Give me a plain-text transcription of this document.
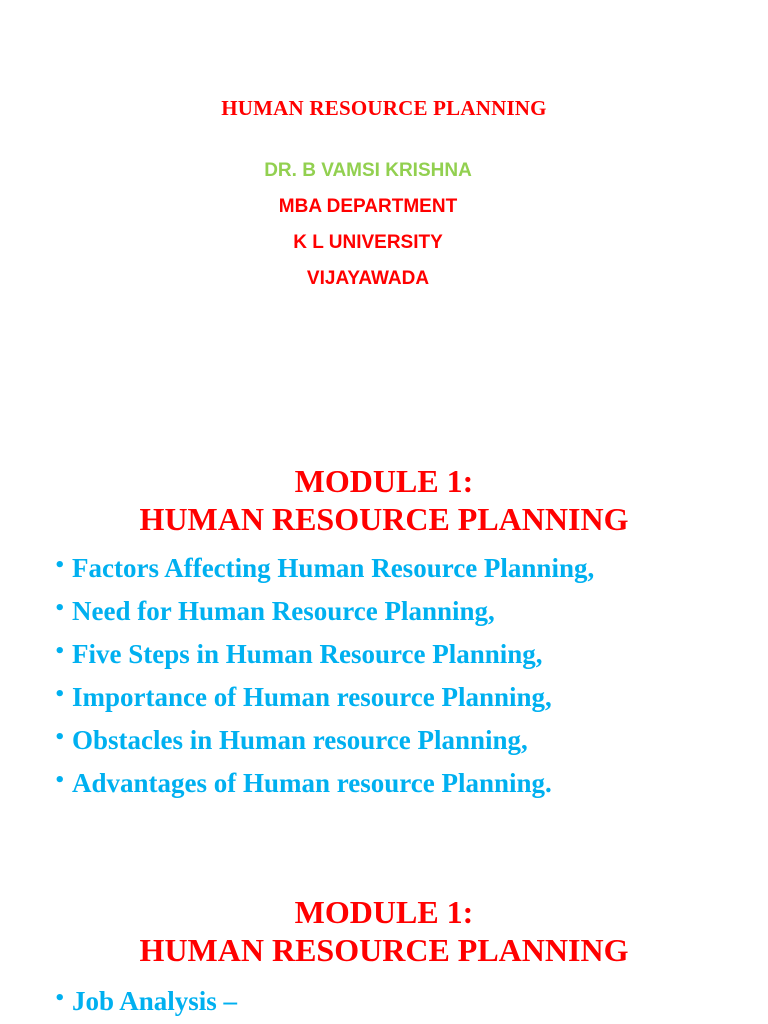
HUMAN RESOURCE PLANNING
DR. B VAMSI KRISHNA
MBA DEPARTMENT
K L UNIVERSITY
VIJAYAWADA
MODULE 1:
HUMAN RESOURCE PLANNING
• Factors Affecting Human Resource Planning,
• Need for Human Resource Planning,
• Five Steps in Human Resource Planning,
• Importance of Human resource Planning,
• Obstacles in Human resource Planning,
• Advantages of Human resource Planning.
MODULE 1:
HUMAN RESOURCE PLANNING
• Job Analysis –
